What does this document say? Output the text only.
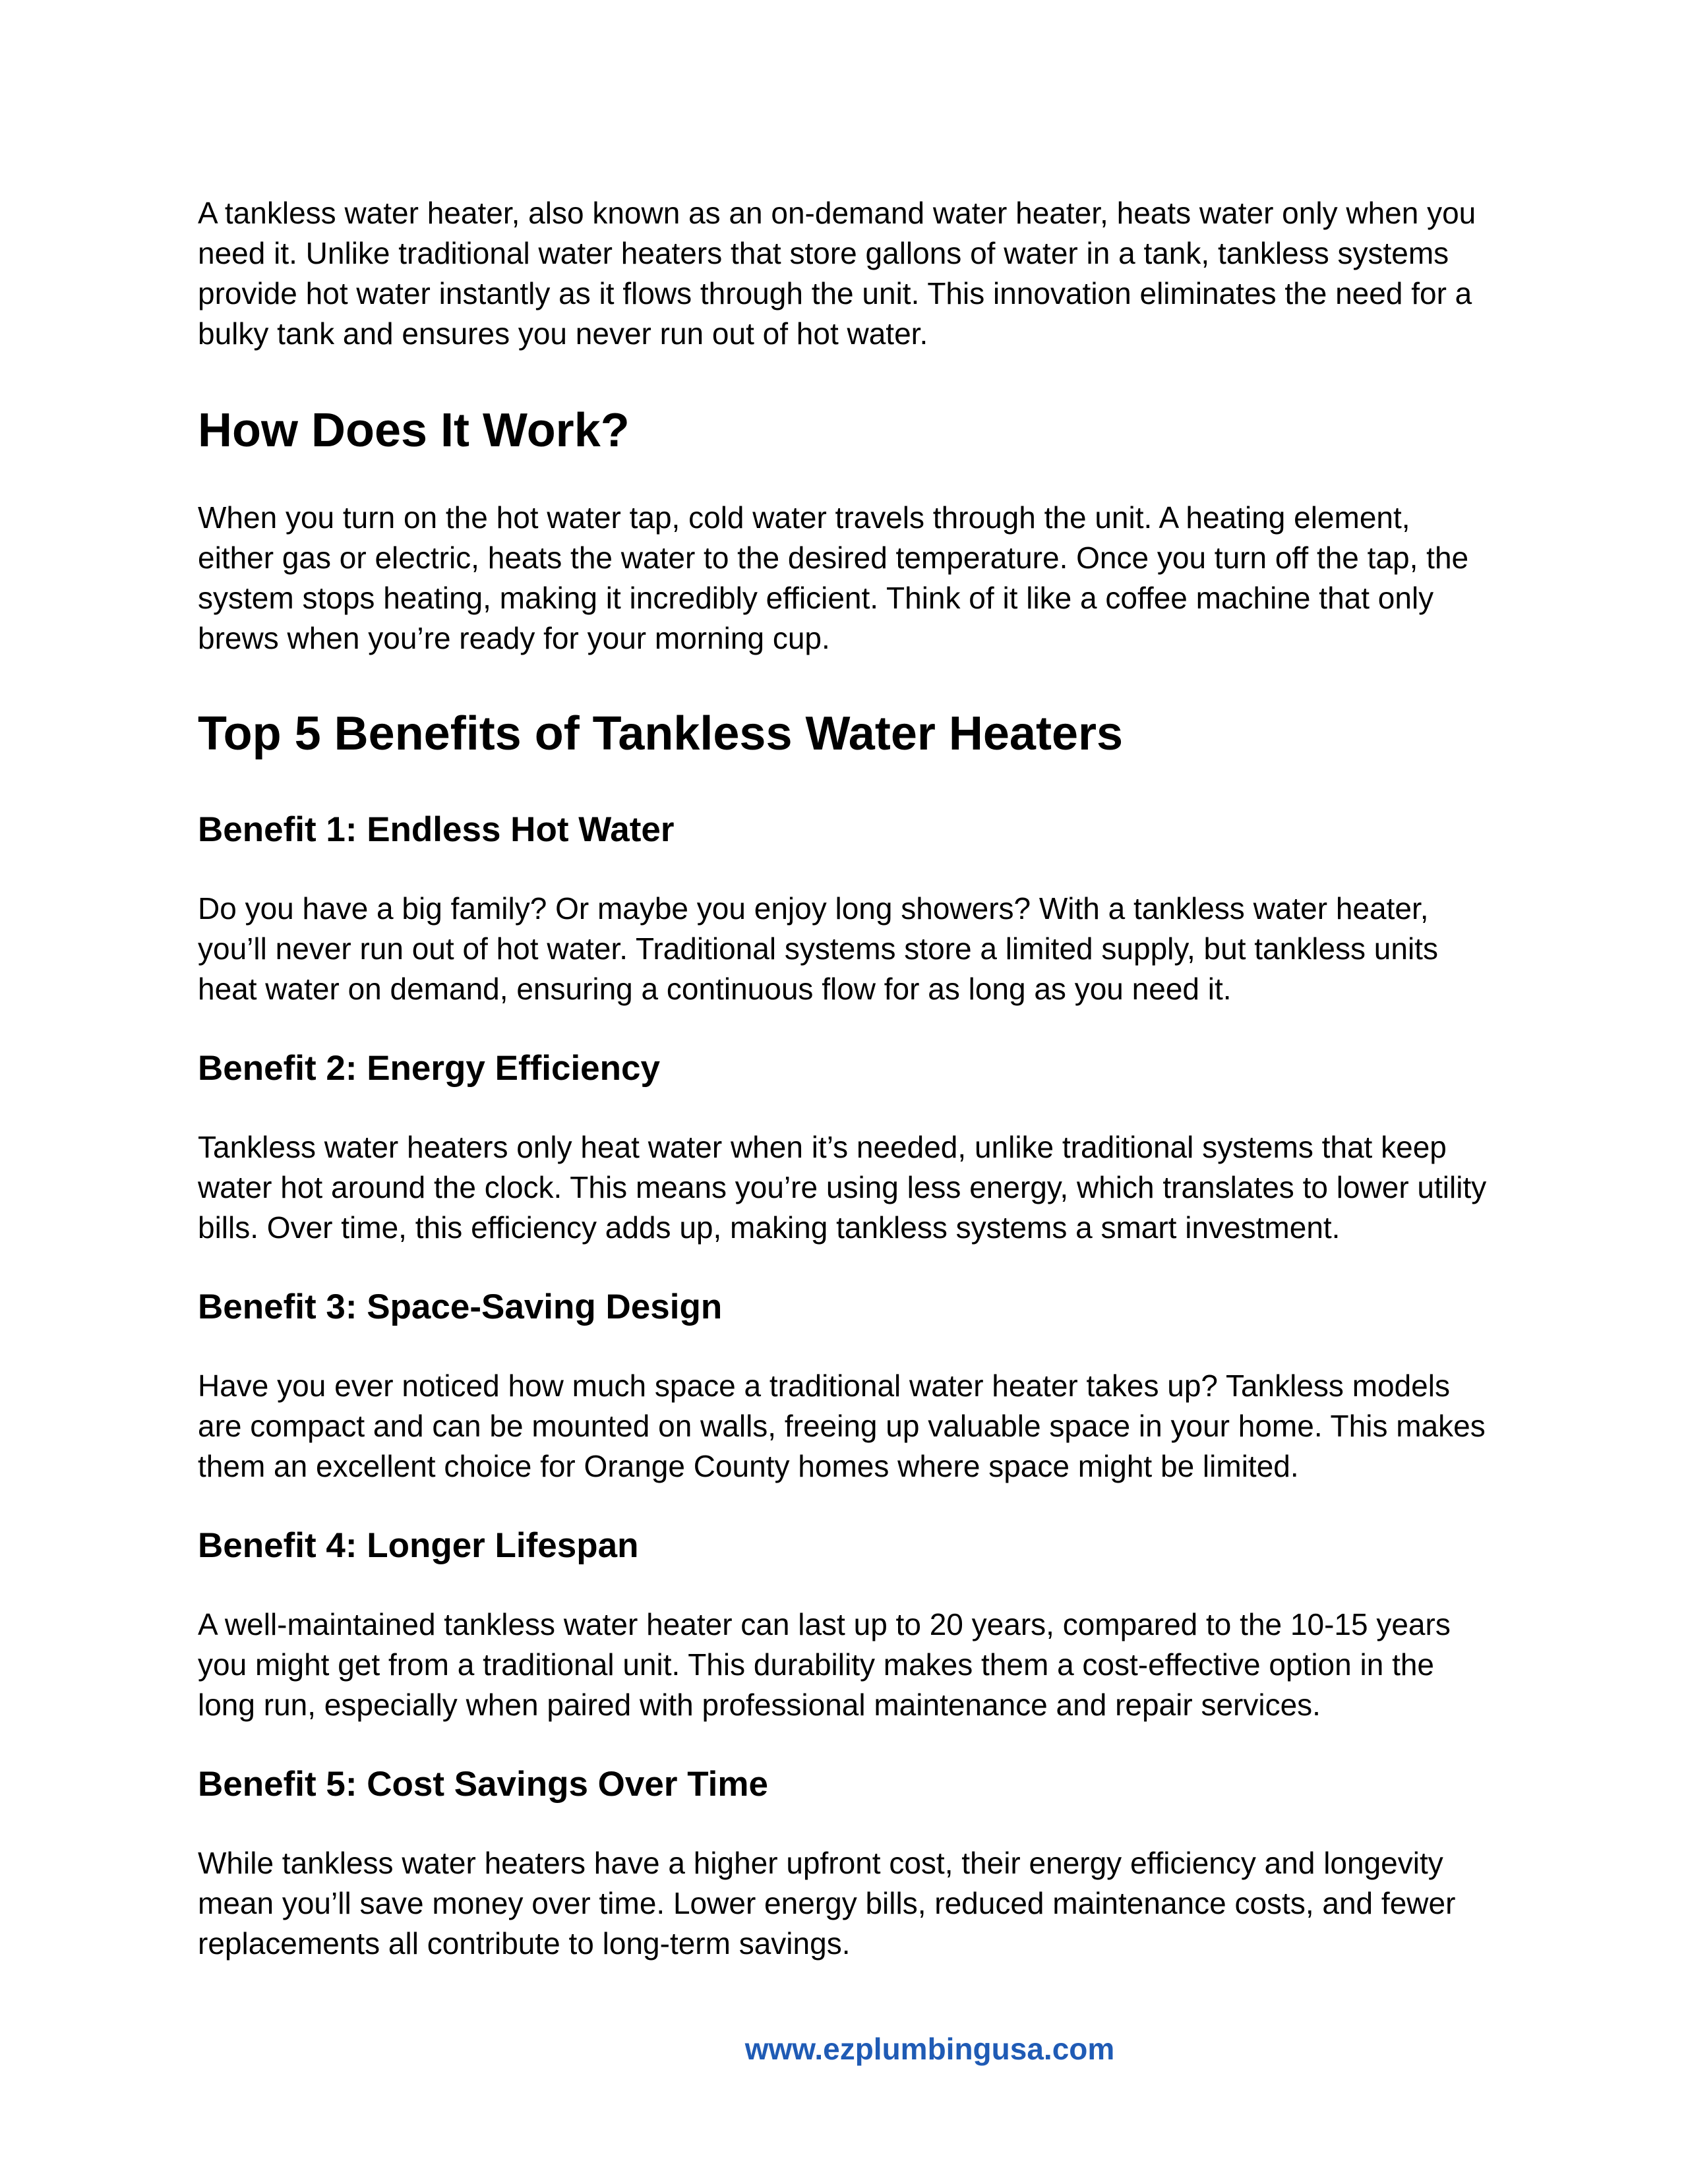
A tankless water heater, also known as an on-demand water heater, heats water only when you need it. Unlike traditional water heaters that store gallons of water in a tank, tankless systems provide hot water instantly as it flows through the unit. This innovation eliminates the need for a bulky tank and ensures you never run out of hot water.

How Does It Work?

When you turn on the hot water tap, cold water travels through the unit. A heating element, either gas or electric, heats the water to the desired temperature. Once you turn off the tap, the system stops heating, making it incredibly efficient. Think of it like a coffee machine that only brews when you’re ready for your morning cup.

Top 5 Benefits of Tankless Water Heaters
Benefit 1: Endless Hot Water

Do you have a big family? Or maybe you enjoy long showers? With a tankless water heater, you’ll never run out of hot water. Traditional systems store a limited supply, but tankless units heat water on demand, ensuring a continuous flow for as long as you need it.

Benefit 2: Energy Efficiency

Tankless water heaters only heat water when it’s needed, unlike traditional systems that keep water hot around the clock. This means you’re using less energy, which translates to lower utility bills. Over time, this efficiency adds up, making tankless systems a smart investment.

Benefit 3: Space-Saving Design

Have you ever noticed how much space a traditional water heater takes up? Tankless models are compact and can be mounted on walls, freeing up valuable space in your home. This makes them an excellent choice for Orange County homes where space might be limited.

Benefit 4: Longer Lifespan

A well-maintained tankless water heater can last up to 20 years, compared to the 10-15 years you might get from a traditional unit. This durability makes them a cost-effective option in the long run, especially when paired with professional maintenance and repair services.

Benefit 5: Cost Savings Over Time

While tankless water heaters have a higher upfront cost, their energy efficiency and longevity mean you’ll save money over time. Lower energy bills, reduced maintenance costs, and fewer replacements all contribute to long-term savings.

www.ezplumbingusa.com
